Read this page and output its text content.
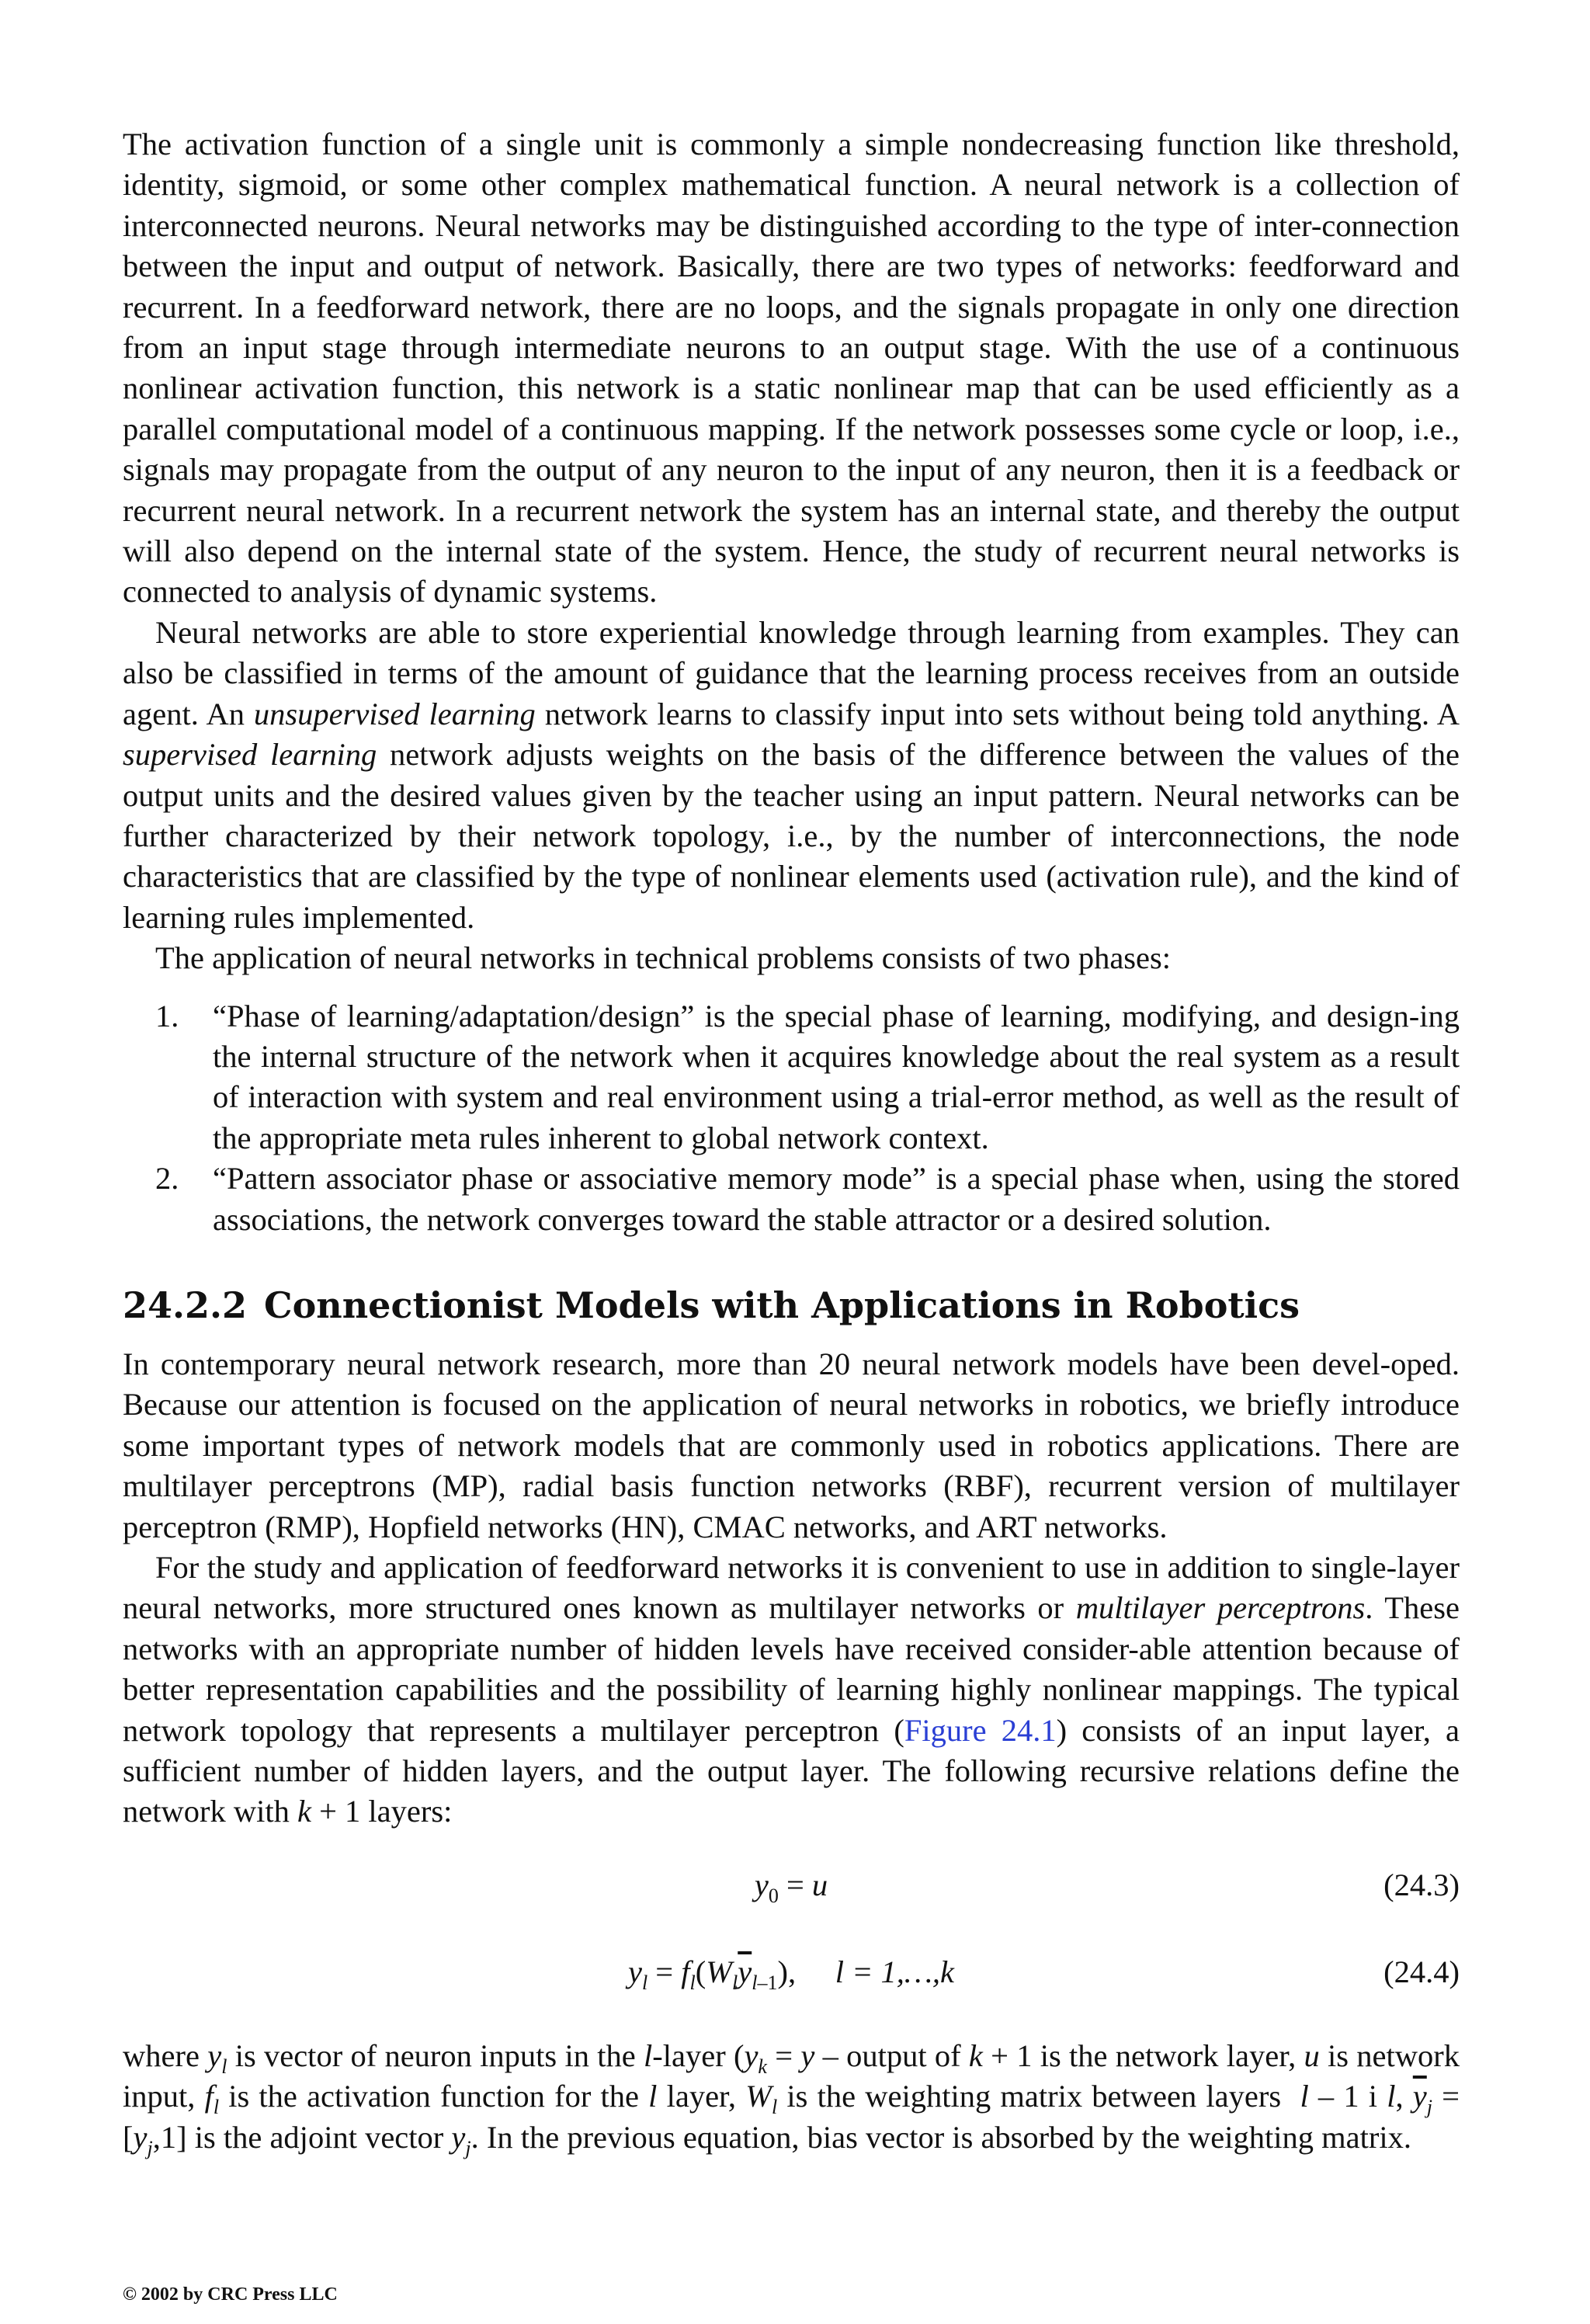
The activation function of a single unit is commonly a simple nondecreasing function like threshold, identity, sigmoid, or some other complex mathematical function. A neural network is a collection of interconnected neurons. Neural networks may be distinguished according to the type of inter-connection between the input and output of network. Basically, there are two types of networks: feedforward and recurrent. In a feedforward network, there are no loops, and the signals propagate in only one direction from an input stage through intermediate neurons to an output stage. With the use of a continuous nonlinear activation function, this network is a static nonlinear map that can be used efficiently as a parallel computational model of a continuous mapping. If the network possesses some cycle or loop, i.e., signals may propagate from the output of any neuron to the input of any neuron, then it is a feedback or recurrent neural network. In a recurrent network the system has an internal state, and thereby the output will also depend on the internal state of the system. Hence, the study of recurrent neural networks is connected to analysis of dynamic systems.

Neural networks are able to store experiential knowledge through learning from examples. They can also be classified in terms of the amount of guidance that the learning process receives from an outside agent. An unsupervised learning network learns to classify input into sets without being told anything. A supervised learning network adjusts weights on the basis of the difference between the values of the output units and the desired values given by the teacher using an input pattern. Neural networks can be further characterized by their network topology, i.e., by the number of interconnections, the node characteristics that are classified by the type of nonlinear elements used (activation rule), and the kind of learning rules implemented.

The application of neural networks in technical problems consists of two phases:

1. “Phase of learning/adaptation/design” is the special phase of learning, modifying, and design-ing the internal structure of the network when it acquires knowledge about the real system as a result of interaction with system and real environment using a trial-error method, as well as the result of the appropriate meta rules inherent to global network context.
2. “Pattern associator phase or associative memory mode” is a special phase when, using the stored associations, the network converges toward the stable attractor or a desired solution.
24.2.2 Connectionist Models with Applications in Robotics

In contemporary neural network research, more than 20 neural network models have been devel-oped. Because our attention is focused on the application of neural networks in robotics, we briefly introduce some important types of network models that are commonly used in robotics applications. There are multilayer perceptrons (MP), radial basis function networks (RBF), recurrent version of multilayer perceptron (RMP), Hopfield networks (HN), CMAC networks, and ART networks.

For the study and application of feedforward networks it is convenient to use in addition to single-layer neural networks, more structured ones known as multilayer networks or multilayer perceptrons. These networks with an appropriate number of hidden levels have received consider-able attention because of better representation capabilities and the possibility of learning highly nonlinear mappings. The typical network topology that represents a multilayer perceptron (Figure 24.1) consists of an input layer, a sufficient number of hidden layers, and the output layer. The following recursive relations define the network with k + 1 layers:

$y_0 = u$	(24.3)
$y_l = f_l(W_l\overline{y}_{l-1})$,     l = 1,…,k	(24.4)

where $y_l$ is vector of neuron inputs in the l-layer ($y_k = y$ – output of k + 1 is the network layer, u is network input, $f_l$ is the activation function for the l layer, $W_l$ is the weighting matrix between layers  l – 1 i l, $\overline{y}_j = [y_j,1]$ is the adjoint vector $y_j$. In the previous equation, bias vector is absorbed by the weighting matrix.

© 2002 by CRC Press LLC
